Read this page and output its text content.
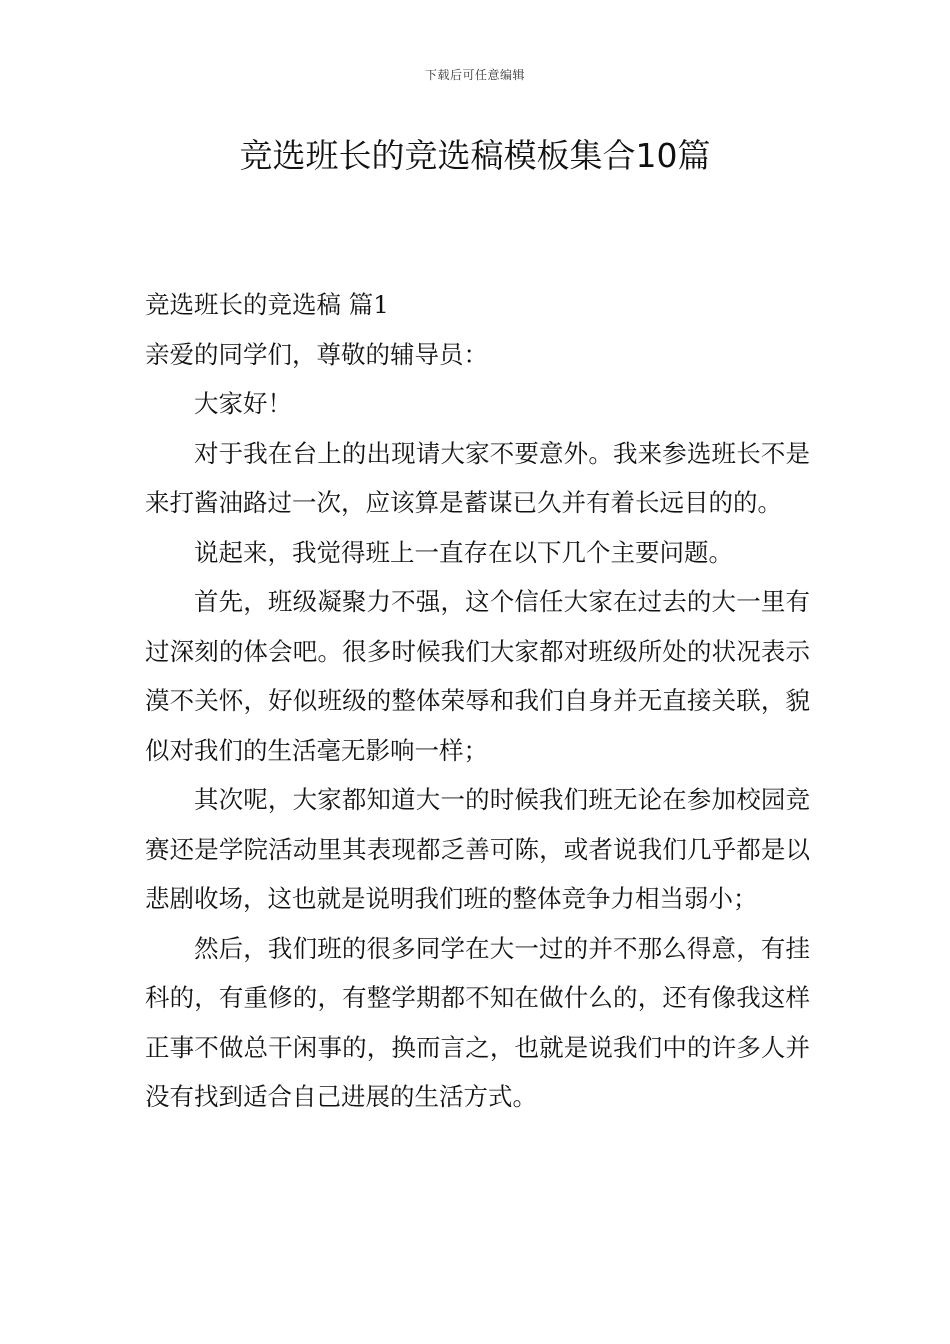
下载后可任意编辑
竞选班长的竞选稿模板集合10篇

竞选班长的竞选稿 篇1

亲爱的同学们，尊敬的辅导员：

大家好！

对于我在台上的出现请大家不要意外。我来参选班长不是来打酱油路过一次，应该算是蓄谋已久并有着长远目的的。

说起来，我觉得班上一直存在以下几个主要问题。

首先，班级凝聚力不强，这个信任大家在过去的大一里有过深刻的体会吧。很多时候我们大家都对班级所处的状况表示漠不关怀，好似班级的整体荣辱和我们自身并无直接关联，貌似对我们的生活毫无影响一样；

其次呢，大家都知道大一的时候我们班无论在参加校园竞赛还是学院活动里其表现都乏善可陈，或者说我们几乎都是以悲剧收场，这也就是说明我们班的整体竞争力相当弱小；

然后，我们班的很多同学在大一过的并不那么得意，有挂科的，有重修的，有整学期都不知在做什么的，还有像我这样正事不做总干闲事的，换而言之，也就是说我们中的许多人并没有找到适合自己进展的生活方式。
